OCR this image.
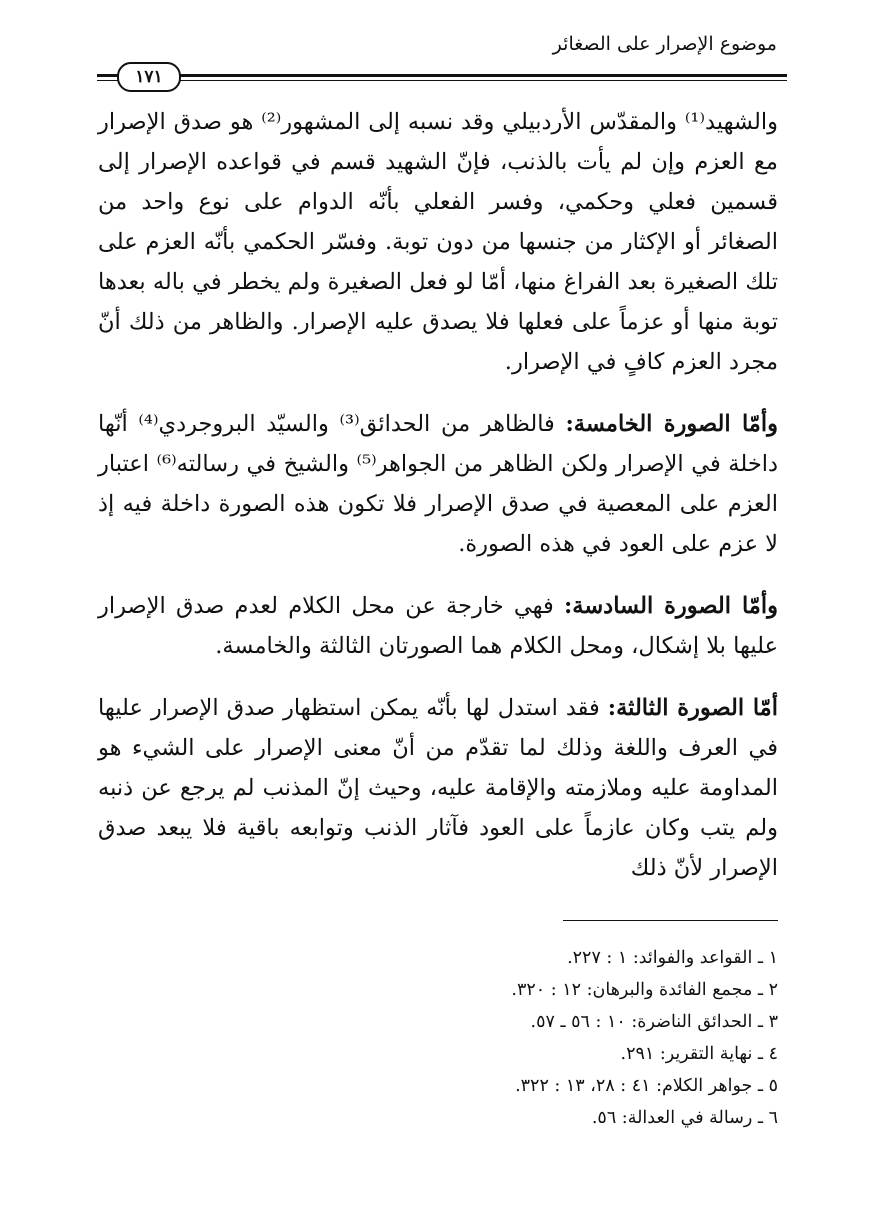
موضوع الإصرار على الصغائر
١٧١

والشهيد⁽¹⁾ والمقدّس الأردبيلي وقد نسبه إلى المشهور⁽²⁾ هو صدق الإصرار مع العزم وإن لم يأت بالذنب، فإنّ الشهيد قسم في قواعده الإصرار إلى قسمين فعلي وحكمي، وفسر الفعلي بأنّه الدوام على نوع واحد من الصغائر أو الإكثار من جنسها من دون توبة. وفسّر الحكمي بأنّه العزم على تلك الصغيرة بعد الفراغ منها، أمّا لو فعل الصغيرة ولم يخطر في باله بعدها توبة منها أو عزماً على فعلها فلا يصدق عليه الإصرار. والظاهر من ذلك أنّ مجرد العزم كافٍ في الإصرار.

وأمّا الصورة الخامسة: فالظاهر من الحدائق⁽³⁾ والسيّد البروجردي⁽⁴⁾ أنّها داخلة في الإصرار ولكن الظاهر من الجواهر⁽⁵⁾ والشيخ في رسالته⁽⁶⁾ اعتبار العزم على المعصية في صدق الإصرار فلا تكون هذه الصورة داخلة فيه إذ لا عزم على العود في هذه الصورة.

وأمّا الصورة السادسة: فهي خارجة عن محل الكلام لعدم صدق الإصرار عليها بلا إشكال، ومحل الكلام هما الصورتان الثالثة والخامسة.

أمّا الصورة الثالثة: فقد استدل لها بأنّه يمكن استظهار صدق الإصرار عليها في العرف واللغة وذلك لما تقدّم من أنّ معنى الإصرار على الشيء هو المداومة عليه وملازمته والإقامة عليه، وحيث إنّ المذنب لم يرجع عن ذنبه ولم يتب وكان عازماً على العود فآثار الذنب وتوابعه باقية فلا يبعد صدق الإصرار لأنّ ذلك

١ ـ القواعد والفوائد: ١ : ٢٢٧.

٢ ـ مجمع الفائدة والبرهان: ١٢ : ٣٢٠.

٣ ـ الحدائق الناضرة: ١٠ : ٥٦ ـ ٥٧.

٤ ـ نهاية التقرير: ٢٩١.

٥ ـ جواهر الكلام: ٤١ : ٢٨، ١٣ : ٣٢٢.

٦ ـ رسالة في العدالة: ٥٦.
